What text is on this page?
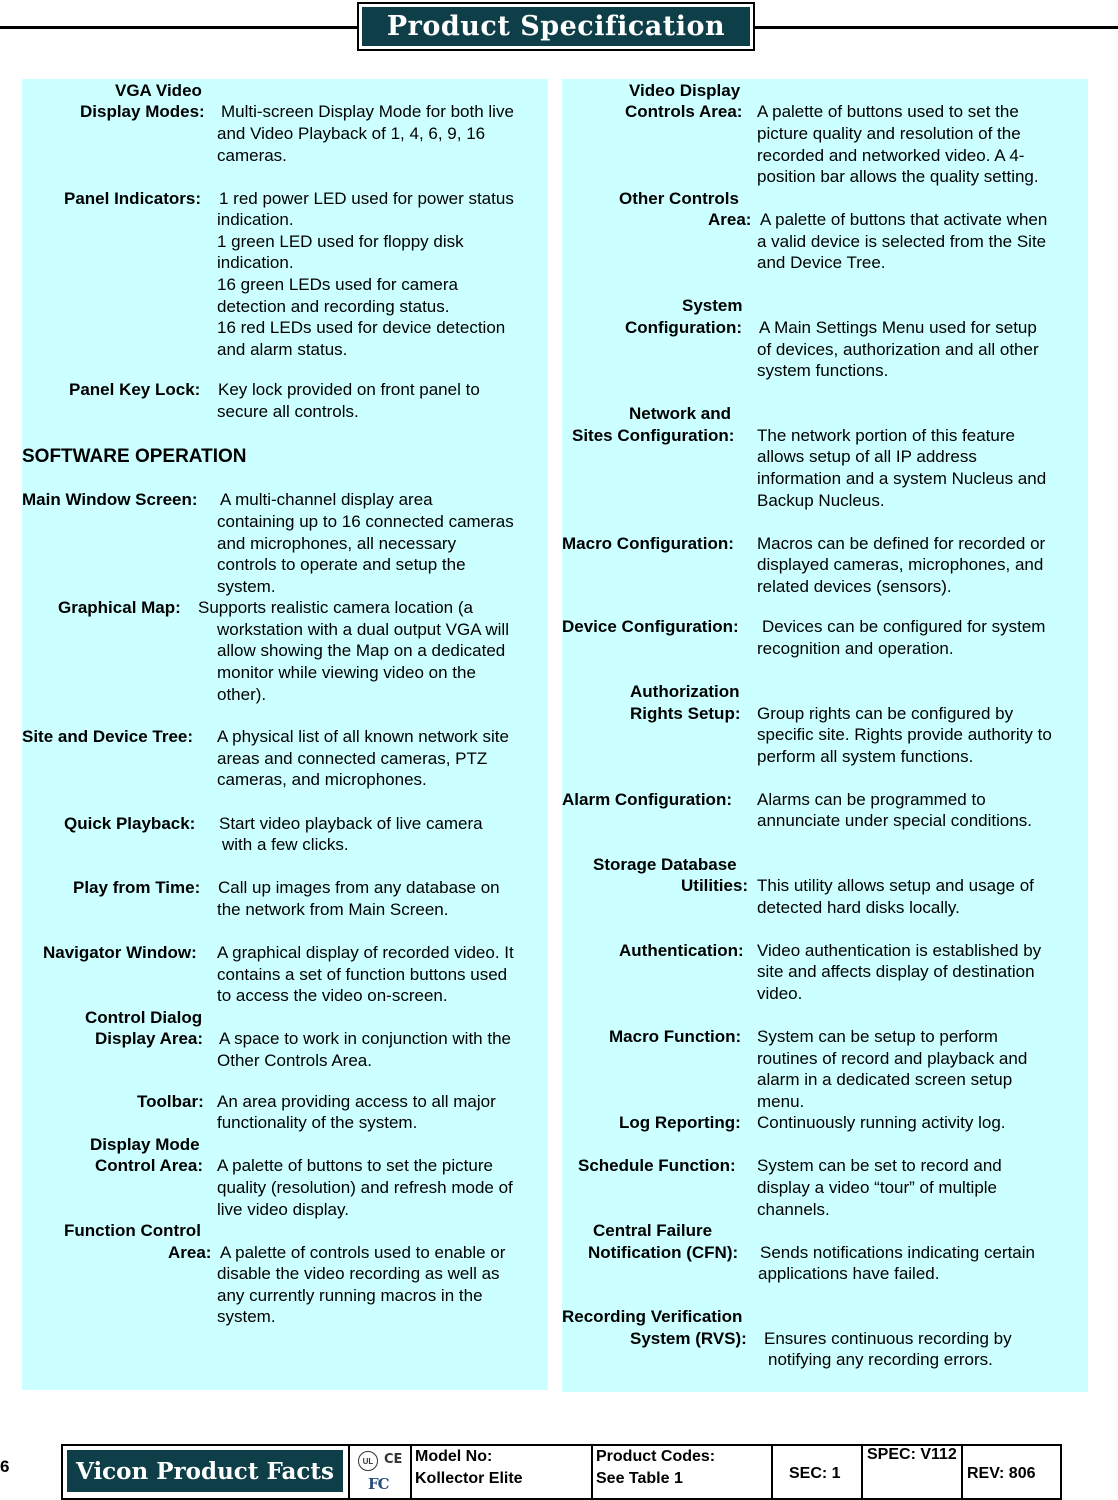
Product Specification
VGA Video
Display Modes: Multi-screen Display Mode for both live
and Video Playback of 1, 4, 6, 9, 16
cameras.
Panel Indicators: 1 red power LED used for power status
indication.
1 green LED used for floppy disk
indication.
16 green LEDs used for camera
detection and recording status.
16 red LEDs used for device detection
and alarm status.
Panel Key Lock: Key lock provided on front panel to
secure all controls.
SOFTWARE OPERATION
Main Window Screen: A multi-channel display area
containing up to 16 connected cameras
and microphones, all necessary
controls to operate and setup the
system.
Graphical Map: Supports realistic camera location (a
workstation with a dual output VGA will
allow showing the Map on a dedicated
monitor while viewing video on the
other).
Site and Device Tree: A physical list of all known network site
areas and connected cameras, PTZ
cameras, and microphones.
Quick Playback: Start video playback of live camera
with a few clicks.
Play from Time: Call up images from any database on
the network from Main Screen.
Navigator Window: A graphical display of recorded video. It
contains a set of function buttons used
to access the video on-screen.
Control Dialog
Display Area: A space to work in conjunction with the
Other Controls Area.
Toolbar: An area providing access to all major
functionality of the system.
Display Mode
Control Area: A palette of buttons to set the picture
quality (resolution) and refresh mode of
live video display.
Function Control
Area: A palette of controls used to enable or
disable the video recording as well as
any currently running macros in the
system.
Video Display
Controls Area: A palette of buttons used to set the
picture quality and resolution of the
recorded and networked video. A 4-
position bar allows the quality setting.
Other Controls
Area: A palette of buttons that activate when
a valid device is selected from the Site
and Device Tree.
System
Configuration: A Main Settings Menu used for setup
of devices, authorization and all other
system functions.
Network and
Sites Configuration: The network portion of this feature
allows setup of all IP address
information and a system Nucleus and
Backup Nucleus.
Macro Configuration: Macros can be defined for recorded or
displayed cameras, microphones, and
related devices (sensors).
Device Configuration: Devices can be configured for system
recognition and operation.
Authorization
Rights Setup: Group rights can be configured by
specific site. Rights provide authority to
perform all system functions.
Alarm Configuration: Alarms can be programmed to
annunciate under special conditions.
Storage Database
Utilities: This utility allows setup and usage of
detected hard disks locally.
Authentication: Video authentication is established by
site and affects display of destination
video.
Macro Function: System can be setup to perform
routines of record and playback and
alarm in a dedicated screen setup
menu.
Log Reporting: Continuously running activity log.
Schedule Function: System can be set to record and
display a video “tour” of multiple
channels.
Central Failure
Notification (CFN): Sends notifications indicating certain
applications have failed.
Recording Verification
System (RVS): Ensures continuous recording by
notifying any recording errors.
6	Vicon Product Facts	UL CE
FC
Model No:
Kollector Elite
Product Codes:
See Table 1	SEC: 1
SPEC: V112
REV: 806
